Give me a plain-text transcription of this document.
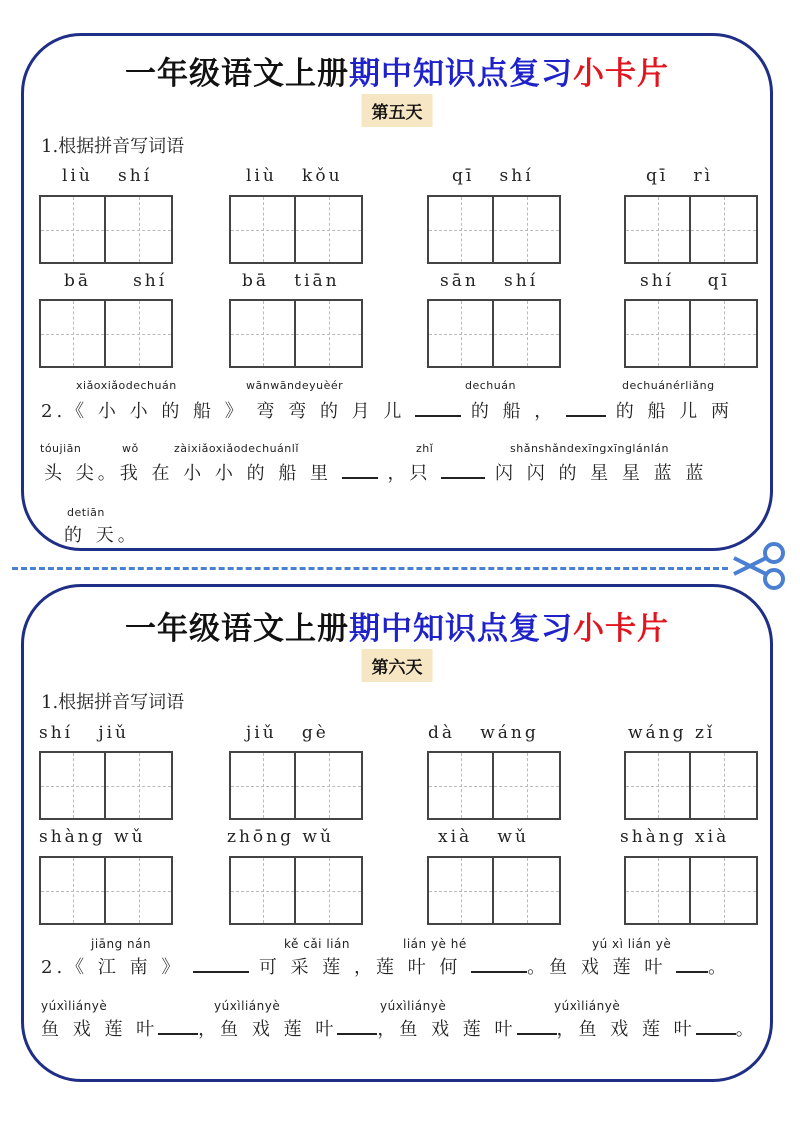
一年级语文上册期中知识点复习小卡片
第五天
1.根据拼音写词语
liù shí	liù kǒu	qī shí	qī rì
bā shí	bā tiān	sān shí	shí qī
xiǎoxiǎodechuán	wānwāndeyuèér	dechuán	dechuánérliǎng
2.《 小 小 的 船 》 弯 弯 的 月 儿	的 船 ，	的 船 儿 两
tóujiān	wǒ	zàixiǎoxiǎodechuánlǐ	zhǐ	shǎnshǎndexīngxīnglánlán
头 尖。我 在 小 小 的 船 里	，只	闪 闪 的 星 星 蓝 蓝
detiān
的 天。
一年级语文上册期中知识点复习小卡片
第六天
1.根据拼音写词语
shí jiǔ	jiǔ gè	dà wáng	wáng zǐ
shàng wǔ	zhōng wǔ	xià wǔ	shàng xià
jiāng nán	kě cǎi lián	lián yè hé	yú xì lián yè
2.《 江 南 》	可 采 莲 ，莲 叶 何	。鱼 戏 莲 叶 。
yúxìliányè	yúxìliányè	yúxìliányè	yúxìliányè
鱼 戏 莲 叶 ，鱼 戏 莲 叶 ，鱼 戏 莲 叶 ，鱼 戏 莲 叶 。
